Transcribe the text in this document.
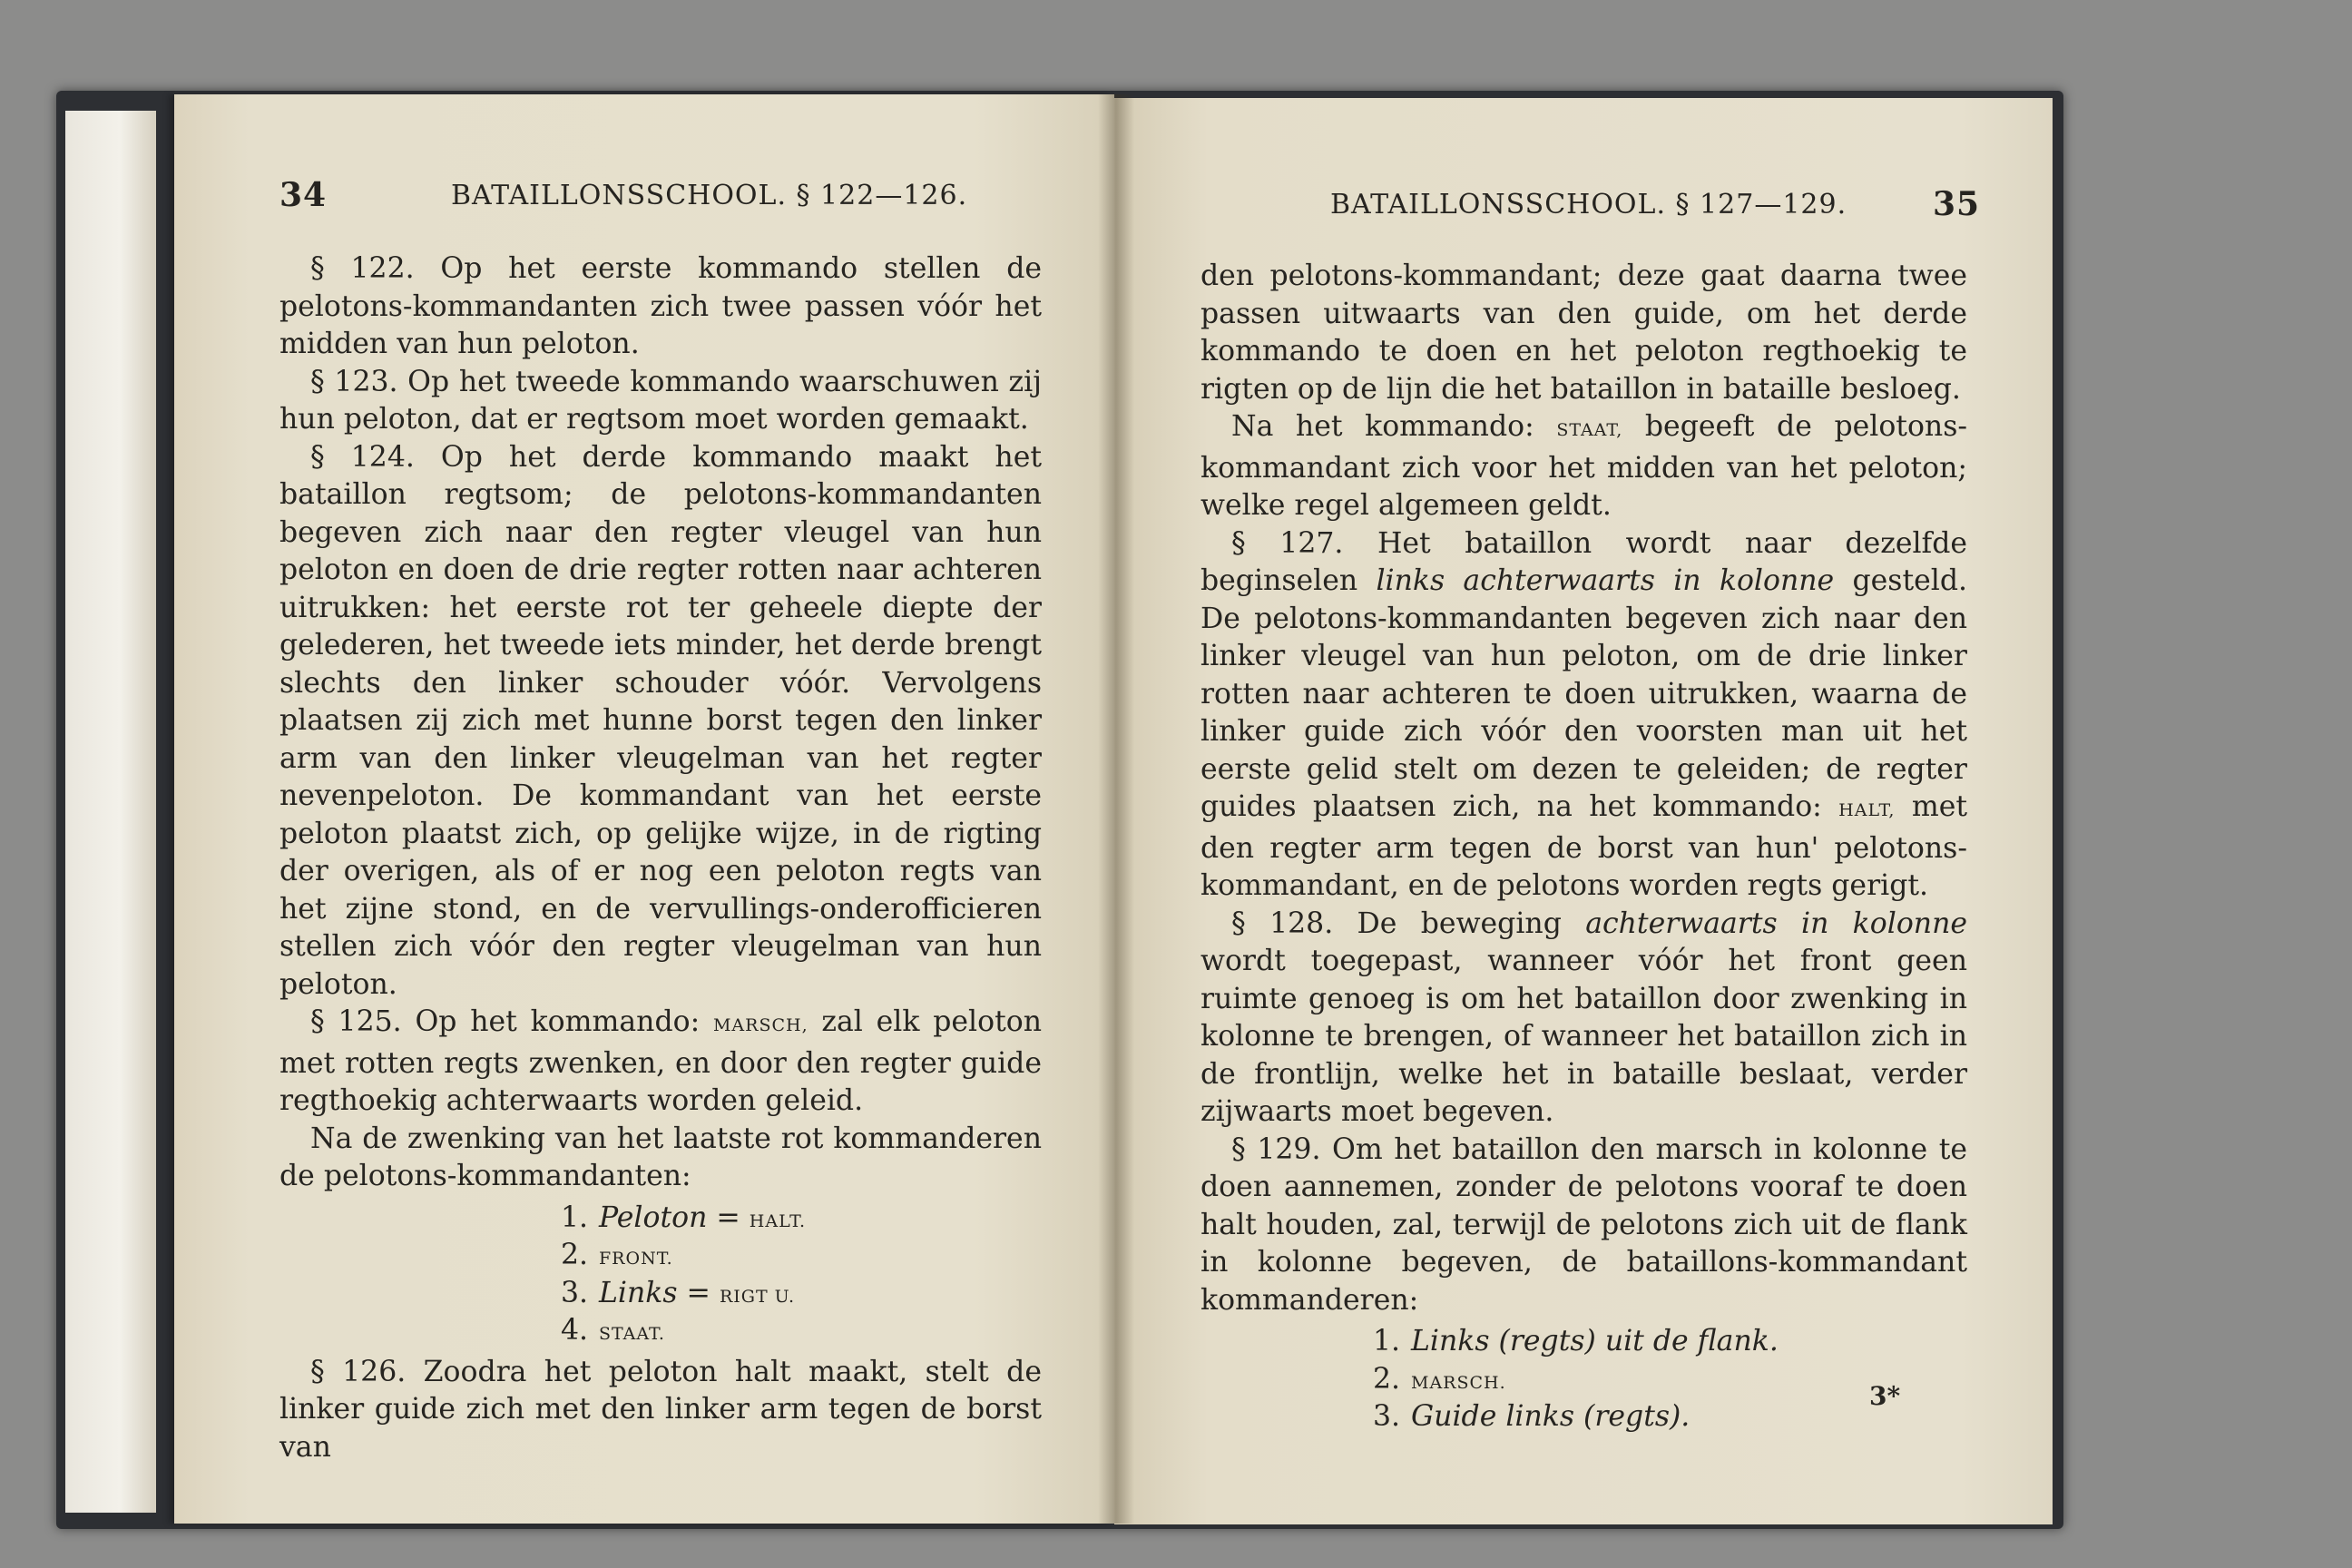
34	BATAILLONSSCHOOL. § 122—126.

§ 122. Op het eerste kommando stellen de pelotons-kommandanten zich twee passen vóór het midden van hun peloton.

§ 123. Op het tweede kommando waarschuwen zij hun peloton, dat er regtsom moet worden gemaakt.

§ 124. Op het derde kommando maakt het bataillon regtsom; de pelotons-kommandanten begeven zich naar den regter vleugel van hun peloton en doen de drie regter rotten naar achteren uitrukken: het eerste rot ter geheele diepte der gelederen, het tweede iets minder, het derde brengt slechts den linker schouder vóór. Vervolgens plaatsen zij zich met hunne borst tegen den linker arm van den linker vleugelman van het regter nevenpeloton. De kommandant van het eerste peloton plaatst zich, op gelijke wijze, in de rigting der overigen, als of er nog een peloton regts van het zijne stond, en de vervullings-onderofficieren stellen zich vóór den regter vleugelman van hun peloton.

§ 125. Op het kommando: MARSCH, zal elk peloton met rotten regts zwenken, en door den regter guide regthoekig achterwaarts worden geleid.

Na de zwenking van het laatste rot kommanderen de pelotons-kommandanten:

1. Peloton = HALT.
2. FRONT.
3. Links = RIGT U.
4. STAAT.

§ 126. Zoodra het peloton halt maakt, stelt de linker guide zich met den linker arm tegen de borst van

BATAILLONSSCHOOL. § 127—129.	35

den pelotons-kommandant; deze gaat daarna twee passen uitwaarts van den guide, om het derde kommando te doen en het peloton regthoekig te rigten op de lijn die het bataillon in bataille besloeg.

Na het kommando: STAAT, begeeft de pelotons-kommandant zich voor het midden van het peloton; welke regel algemeen geldt.

§ 127. Het bataillon wordt naar dezelfde beginselen links achterwaarts in kolonne gesteld. De pelotons-kommandanten begeven zich naar den linker vleugel van hun peloton, om de drie linker rotten naar achteren te doen uitrukken, waarna de linker guide zich vóór den voorsten man uit het eerste gelid stelt om dezen te geleiden; de regter guides plaatsen zich, na het kommando: HALT, met den regter arm tegen de borst van hun' pelotons-kommandant, en de pelotons worden regts gerigt.

§ 128. De beweging achterwaarts in kolonne wordt toegepast, wanneer vóór het front geen ruimte genoeg is om het bataillon door zwenking in kolonne te brengen, of wanneer het bataillon zich in de frontlijn, welke het in bataille beslaat, verder zijwaarts moet begeven.

§ 129. Om het bataillon den marsch in kolonne te doen aannemen, zonder de pelotons vooraf te doen halt houden, zal, terwijl de pelotons zich uit de flank in kolonne begeven, de bataillons-kommandant kommanderen:

1. Links (regts) uit de flank.
2. MARSCH.
3. Guide links (regts).
3*
